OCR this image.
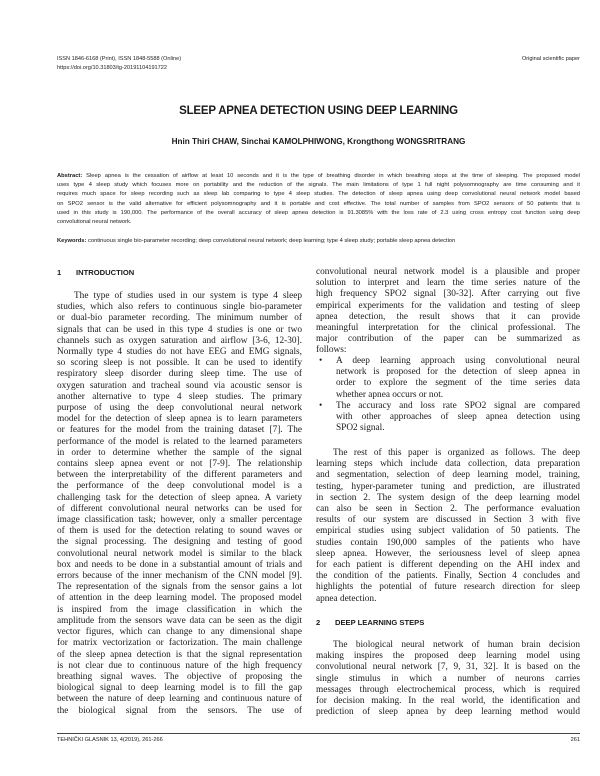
ISSN 1846-6168 (Print), ISSN 1848-5588 (Online)
https://doi.org/10.31803/tg-20191104191722
Original scientific paper
SLEEP APNEA DETECTION USING DEEP LEARNING
Hnin Thiri CHAW, Sinchai KAMOLPHIWONG, Krongthong WONGSRITRANG
Abstract: Sleep apnea is the cessation of airflow at least 10 seconds and it is the type of breathing disorder in which breathing stops at the time of sleeping. The proposed model
uses type 4 sleep study which focuses more on portability and the reduction of the signals. The main limitations of type 1 full night polysomnography are time consuming and it
requires much space for sleep recording such as sleep lab comparing to type 4 sleep studies. The detection of sleep apnea using deep convolutional neural network model based
on SPO2 sensor is the valid alternative for efficient polysomnography and it is portable and cost effective. The total number of samples from SPO2 sensors of 50 patients that is
used in this study is 190,000. The performance of the overall accuracy of sleep apnea detection is 91.3085% with the loss rate of 2.3 using cross entropy cost function using deep
convolutional neural network.
Keywords: continuous single bio-parameter recording; deep convolutional neural network; deep learning; type 4 sleep study; portable sleep apnea detection
1 INTRODUCTION
The type of studies used in our system is type 4 sleep
studies, which also refers to continuous single bio-parameter
or dual-bio parameter recording. The minimum number of
signals that can be used in this type 4 studies is one or two
channels such as oxygen saturation and airflow [3-6, 12-30].
Normally type 4 studies do not have EEG and EMG signals,
so scoring sleep is not possible. It can be used to identify
respiratory sleep disorder during sleep time. The use of
oxygen saturation and tracheal sound via acoustic sensor is
another alternative to type 4 sleep studies. The primary
purpose of using the deep convolutional neural network
model for the detection of sleep apnea is to learn parameters
or features for the model from the training dataset [7]. The
performance of the model is related to the learned parameters
in order to determine whether the sample of the signal
contains sleep apnea event or not [7-9]. The relationship
between the interpretability of the different parameters and
the performance of the deep convolutional model is a
challenging task for the detection of sleep apnea. A variety
of different convolutional neural networks can be used for
image classification task; however, only a smaller percentage
of them is used for the detection relating to sound waves or
the signal processing. The designing and testing of good
convolutional neural network model is similar to the black
box and needs to be done in a substantial amount of trials and
errors because of the inner mechanism of the CNN model [9].
The representation of the signals from the sensor gains a lot
of attention in the deep learning model. The proposed model
is inspired from the image classification in which the
amplitude from the sensors wave data can be seen as the digit
vector figures, which can change to any dimensional shape
for matrix vectorization or factorization. The main challenge
of the sleep apnea detection is that the signal representation
is not clear due to continuous nature of the high frequency
breathing signal waves. The objective of proposing the
biological signal to deep learning model is to fill the gap
between the nature of deep learning and continuous nature of
the biological signal from the sensors. The use of
convolutional neural network model is a plausible and proper
solution to interpret and learn the time series nature of the
high frequency SPO2 signal [30-32]. After carrying out five
empirical experiments for the validation and testing of sleep
apnea detection, the result shows that it can provide
meaningful interpretation for the clinical professional. The
major contribution of the paper can be summarized as
follows:
• A deep learning approach using convolutional neural
network is proposed for the detection of sleep apnea in
order to explore the segment of the time series data
whether apnea occurs or not.
• The accuracy and loss rate SPO2 signal are compared
with other approaches of sleep apnea detection using
SPO2 signal.
The rest of this paper is organized as follows. The deep
learning steps which include data collection, data preparation
and segmentation, selection of deep learning model, training,
testing, hyper-parameter tuning and prediction, are illustrated
in section 2. The system design of the deep learning model
can also be seen in Section 2. The performance evaluation
results of our system are discussed in Section 3 with five
empirical studies using subject validation of 50 patients. The
studies contain 190,000 samples of the patients who have
sleep apnea. However, the seriousness level of sleep apnea
for each patient is different depending on the AHI index and
the condition of the patients. Finally, Section 4 concludes and
highlights the potential of future research direction for sleep
apnea detection.
2 DEEP LEARNING STEPS
The biological neural network of human brain decision
making inspires the proposed deep learning model using
convolutional neural network [7, 9, 31, 32]. It is based on the
single stimulus in which a number of neurons carries
messages through electrochemical process, which is required
for decision making. In the real world, the identification and
prediction of sleep apnea by deep learning method would
TEHNIČKI GLASNIK 13, 4(2019), 261-266	261
